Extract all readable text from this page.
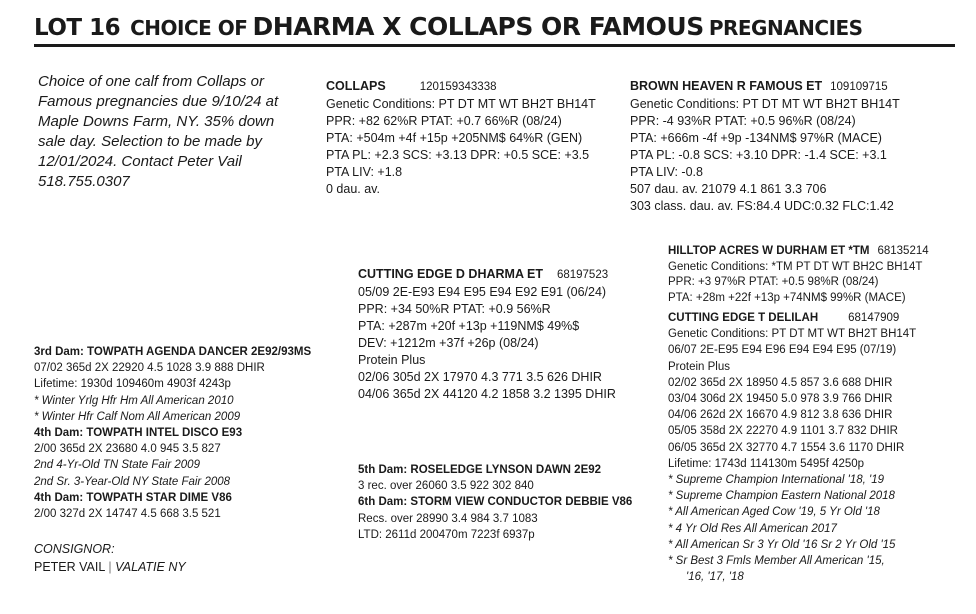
LOT 16 CHOICE OF DHARMA X COLLAPS OR FAMOUS PREGNANCIES
Choice of one calf from Collaps or Famous pregnancies due 9/10/24 at Maple Downs Farm, NY. 35% down sale day. Selection to be made by 12/01/2024. Contact Peter Vail 518.755.0307
COLLAPS	120159343338
Genetic Conditions: PT DT MT WT BH2T BH14T
PPR: +82 62%R PTAT: +0.7 66%R (08/24)
PTA: +504m +4f +15p +205NM$ 64%R (GEN)
PTA PL: +2.3 SCS: +3.13 DPR: +0.5 SCE: +3.5
PTA LIV: +1.8
0 dau. av.
BROWN HEAVEN R FAMOUS ET 109109715
Genetic Conditions: PT DT MT WT BH2T BH14T
PPR: -4 93%R PTAT: +0.5 96%R (08/24)
PTA: +666m -4f +9p -134NM$ 97%R (MACE)
PTA PL: -0.8 SCS: +3.10 DPR: -1.4 SCE: +3.1
PTA LIV: -0.8
507 dau. av. 21079 4.1 861 3.3 706
303 class. dau. av. FS:84.4 UDC:0.32 FLC:1.42
CUTTING EDGE D DHARMA ET 68197523
05/09 2E-E93 E94 E95 E94 E92 E91 (06/24)
PPR: +34 50%R PTAT: +0.9 56%R
PTA: +287m +20f +13p +119NM$ 49%$
DEV: +1212m +37f +26p (08/24)
Protein Plus
02/06 305d 2X 17970 4.3 771 3.5 626 DHIR
04/06 365d 2X 44120 4.2 1858 3.2 1395 DHIR
HILLTOP ACRES W DURHAM ET *TM 68135214
Genetic Conditions: *TM PT DT WT BH2C BH14T
PPR: +3 97%R PTAT: +0.5 98%R (08/24)
PTA: +28m +22f +13p +74NM$ 99%R (MACE)
CUTTING EDGE T DELILAH	68147909
Genetic Conditions: PT DT MT WT BH2T BH14T
06/07 2E-E95 E94 E96 E94 E94 E95 (07/19)
Protein Plus
02/02 365d 2X 18950 4.5 857 3.6 688 DHIR
03/04 306d 2X 19450 5.0 978 3.9 766 DHIR
04/06 262d 2X 16670 4.9 812 3.8 636 DHIR
05/05 358d 2X 22270 4.9 1101 3.7 832 DHIR
06/05 365d 2X 32770 4.7 1554 3.6 1170 DHIR
Lifetime: 1743d 114130m 5495f 4250p
* Supreme Champion International '18, '19
* Supreme Champion Eastern National 2018
* All American Aged Cow '19, 5 Yr Old '18
* 4 Yr Old Res All American 2017
* All American Sr 3 Yr Old '16 Sr 2 Yr Old '15
* Sr Best 3 Fmls Member All American '15,
'16, '17, '18
3rd Dam: TOWPATH AGENDA DANCER 2E92/93MS
07/02 365d 2X 22920 4.5 1028 3.9 888 DHIR
Lifetime: 1930d 109460m 4903f 4243p
* Winter Yrlg Hfr Hm All American 2010
* Winter Hfr Calf Nom All American 2009
4th Dam: TOWPATH INTEL DISCO E93
2/00 365d 2X 23680 4.0 945 3.5 827
2nd 4-Yr-Old TN State Fair 2009
2nd Sr. 3-Year-Old NY State Fair 2008
4th Dam: TOWPATH STAR DIME V86
2/00 327d 2X 14747 4.5 668 3.5 521
5th Dam: ROSELEDGE LYNSON DAWN 2E92
3 rec. over 26060 3.5 922 302 840
6th Dam: STORM VIEW CONDUCTOR DEBBIE V86
Recs. over 28990 3.4 984 3.7 1083
LTD: 2611d 200470m 7223f 6937p
CONSIGNOR:
PETER VAIL | VALATIE NY
